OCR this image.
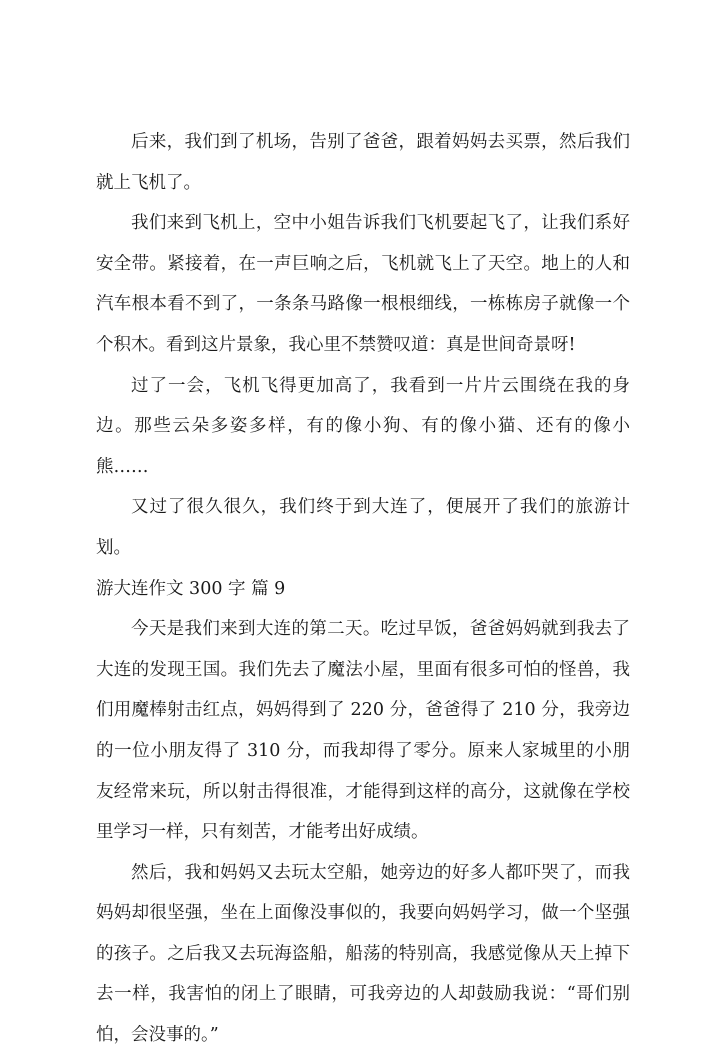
后来，我们到了机场，告别了爸爸，跟着妈妈去买票，然后我们就上飞机了。

我们来到飞机上，空中小姐告诉我们飞机要起飞了，让我们系好安全带。紧接着，在一声巨响之后，飞机就飞上了天空。地上的人和汽车根本看不到了，一条条马路像一根根细线，一栋栋房子就像一个个积木。看到这片景象，我心里不禁赞叹道：真是世间奇景呀!

过了一会，飞机飞得更加高了，我看到一片片云围绕在我的身边。那些云朵多姿多样，有的像小狗、有的像小猫、还有的像小熊……

又过了很久很久，我们终于到大连了，便展开了我们的旅游计划。

游大连作文 300 字 篇 9

今天是我们来到大连的第二天。吃过早饭，爸爸妈妈就到我去了大连的发现王国。我们先去了魔法小屋，里面有很多可怕的怪兽，我们用魔棒射击红点，妈妈得到了 220 分，爸爸得了 210 分，我旁边的一位小朋友得了 310 分，而我却得了零分。原来人家城里的小朋友经常来玩，所以射击得很准，才能得到这样的高分，这就像在学校里学习一样，只有刻苦，才能考出好成绩。

然后，我和妈妈又去玩太空船，她旁边的好多人都吓哭了，而我妈妈却很坚强，坐在上面像没事似的，我要向妈妈学习，做一个坚强的孩子。之后我又去玩海盗船，船荡的特别高，我感觉像从天上掉下去一样，我害怕的闭上了眼睛，可我旁边的人却鼓励我说：“哥们别怕，会没事的。”
